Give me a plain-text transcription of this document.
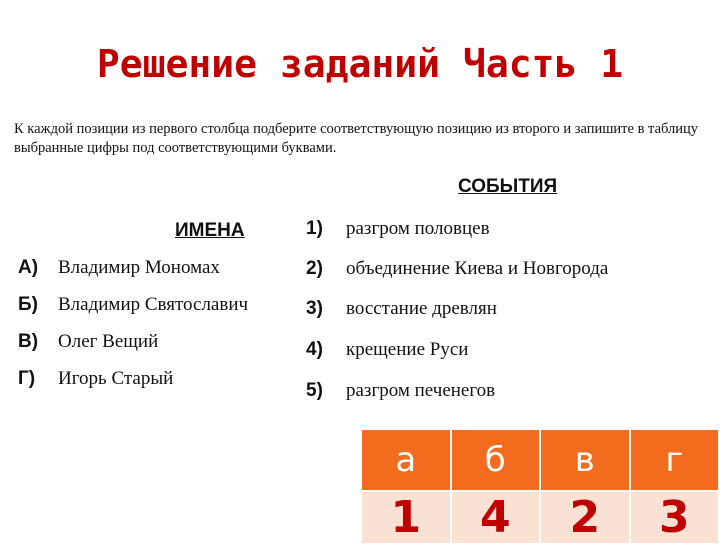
Решение заданий Часть 1
К каждой позиции из первого столбца подберите соответствующую позицию из второго и запишите в таблицу выбранные цифры под соответствующими буквами.
СОБЫТИЯ
ИМЕНА
А) Владимир Мономах
Б) Владимир Святославич
В) Олег Вещий
Г) Игорь Старый
1) разгром половцев
2) объединение Киева и Новгорода
3) восстание древлян
4) крещение Руси
5) разгром печенегов
а	б	в	г
1	4	2	3
